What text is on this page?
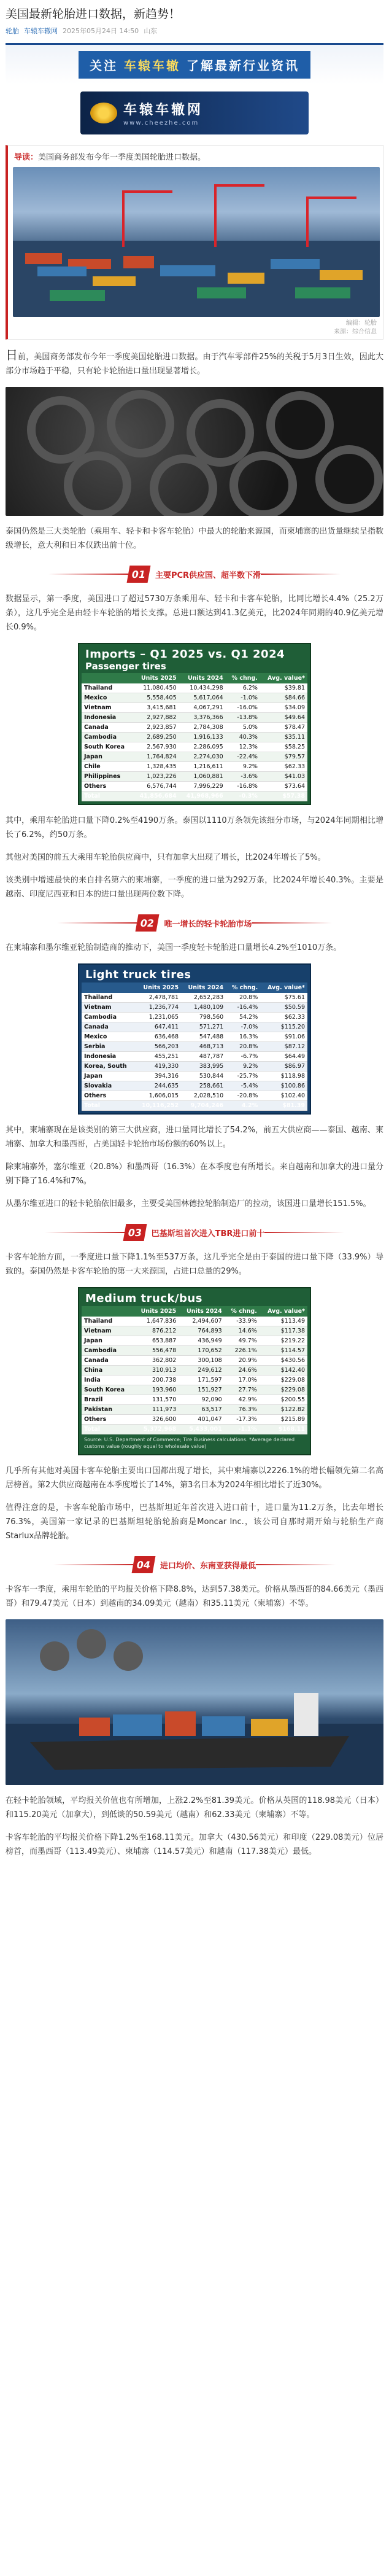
美国最新轮胎进口数据，新趋势！
轮胎 车辕车辙网 2025年05月24日 14:50 山东
关注 车辕车辙 了解最新行业资讯
车辕车辙网
www.cheezhe.com
导读：美国商务部发布今年一季度美国轮胎进口数据。
编辑：轮胎
来源：综合信息

日前，美国商务部发布今年一季度美国轮胎进口数据。由于汽车零部件25%的关税于5月3日生效，因此大部分市场趋于平稳，只有轮卡轮胎进口量出现显著增长。

泰国仍然是三大类轮胎（乘用车、轻卡和卡客车轮胎）中最大的轮胎来源国，而柬埔寨的出货量继续呈指数级增长，意大利和日本仅跌出前十位。

01	主要PCR供应国、超半数下滑

数据显示，第一季度，美国进口了超过5730万条乘用车、轻卡和卡客车轮胎，比同比增长4.4%（25.2万条），这几乎完全是由轻卡车轮胎的增长支撑。总进口额达到41.3亿美元，比2024年同期的40.9亿美元增长0.9%。

Imports – Q1 2025 vs. Q1 2024
Passenger tires
	Units 2025	Units 2024	% chng.	Avg. value*
Thailand	11,080,450	10,434,298	6.2%	$39.81
Mexico	5,558,405	5,617,064	-1.0%	$84.66
Vietnam	3,415,681	4,067,291	-16.0%	$34.09
Indonesia	2,927,882	3,376,366	-13.8%	$49.64
Canada	2,923,857	2,784,308	5.0%	$78.47
Cambodia	2,689,250	1,916,133	40.3%	$35.11
South Korea	2,567,930	2,286,095	12.3%	$58.25
Japan	1,764,824	2,274,030	-22.4%	$79.57
Chile	1,328,435	1,216,611	9.2%	$62.33
Philippines	1,023,226	1,060,881	-3.6%	$41.03
Others	6,576,744	7,996,229	-16.8%	$73.64
Total	41,856,684	41,968,966	-0.3%	$57.38

其中，乘用车轮胎进口量下降0.2%至4190万条。泰国以1110万条领先该细分市场，与2024年同期相比增长了6.2%，约50万条。

其他对美国的前五大乘用车轮胎供应商中，只有加拿大出现了增长，比2024年增长了5%。

该类别中增速最快的来自排名第六的柬埔寨，一季度的进口量为292万条，比2024年增长40.3%。主要是越南、印度尼西亚和日本的进口量出现两位数下降。

02	唯一增长的轻卡轮胎市场

在柬埔寨和墨尔维亚轮胎制造商的推动下，美国一季度轻卡轮胎进口量增长4.2%至1010万条。

Light truck tires
	Units 2025	Units 2024	% chng.	Avg. value*
Thailand	2,478,781	2,652,283	20.8%	$75.61
Vietnam	1,236,774	1,480,109	-16.4%	$50.59
Cambodia	1,231,065	798,560	54.2%	$62.33
Canada	647,411	571,271	-7.0%	$115.20
Mexico	636,468	547,488	16.3%	$91.06
Serbia	566,203	468,713	20.8%	$87.12
Indonesia	455,251	487,787	-6.7%	$64.49
Korea, South	419,330	383,995	9.2%	$86.97
Japan	394,316	530,844	-25.7%	$118.98
Slovakia	244,635	258,661	-5.4%	$100.86
Others	1,606,015	2,028,510	-20.8%	$102.40
Total	10,116,252	9,704,246	4.2%	$81.39

其中，柬埔寨现在是该类别的第三大供应商，进口量同比增长了54.2%，前五大供应商——泰国、越南、柬埔寨、加拿大和墨西哥，占美国轻卡轮胎市场份额的60%以上。

除柬埔寨外，塞尔维亚（20.8%）和墨西哥（16.3%）在本季度也有所增长。来自越南和加拿大的进口量分别下降了16.4%和7%。

从墨尔维亚进口的轻卡轮胎依旧最多，主要受美国林德拉轮胎制造厂的拉动，该国进口量增长151.5%。

03	巴基斯坦首次进入TBR进口前十

卡客车轮胎方面，一季度进口量下降1.1%至537万条，这几乎完全是由于泰国的进口量下降（33.9%）导致的。泰国仍然是卡客车轮胎的第一大来源国，占进口总量的29%。

Medium truck/bus
	Units 2025	Units 2024	% chng.	Avg. value*
Thailand	1,647,836	2,494,607	-33.9%	$113.49
Vietnam	876,212	764,893	14.6%	$117.38
Japan	653,887	436,949	49.7%	$219.22
Cambodia	556,478	170,652	226.1%	$114.57
Canada	362,802	300,108	20.9%	$430.56
China	310,913	249,612	24.6%	$142.40
India	200,738	171,597	17.0%	$229.08
South Korea	193,960	151,927	27.7%	$229.08
Brazil	131,570	92,090	42.9%	$200.55
Pakistan	111,973	63,517	76.3%	$122.82
Others	326,600	401,047	-17.3%	$215.89
Total	5,372,968	5,433,001	-1.1%	$168.11
Source: U.S. Department of Commerce; Tire Business calculations. *Average declared customs value (roughly equal to wholesale value)

几乎所有其他对美国卡客车轮胎主要出口国都出现了增长，其中柬埔寨以2226.1%的增长幅领先第二名高居榜首。第2大供应商越南在本季度增长了14%，第3名日本为2024年相比增长了近30%。

值得注意的是，卡客车轮胎市场中，巴基斯坦近年首次进入进口前十，进口量为11.2万条，比去年增长76.3%，美国第一家记录的巴基斯坦轮胎轮胎商是Moncar Inc.，该公司自那时期开始与轮胎生产商Starlux品牌轮胎。

04	进口均价、东南亚获得最低

卡客车一季度，乘用车轮胎的平均报关价格下降8.8%，达到57.38美元。价格从墨西哥的84.66美元（墨西哥）和79.47美元（日本）到越南的34.09美元（越南）和35.11美元（柬埔寨）不等。

在轻卡轮胎领域，平均报关价值也有所增加，上涨2.2%至81.39美元。价格从英国的118.98美元（日本）和115.20美元（加拿大），到低谈的50.59美元（越南）和62.33美元（柬埔寨）不等。

卡客车轮胎的平均报关价格下降1.2%至168.11美元。加拿大（430.56美元）和印度（229.08美元）位居榜首，而墨西哥（113.49美元）、柬埔寨（114.57美元）和越南（117.38美元）最低。
